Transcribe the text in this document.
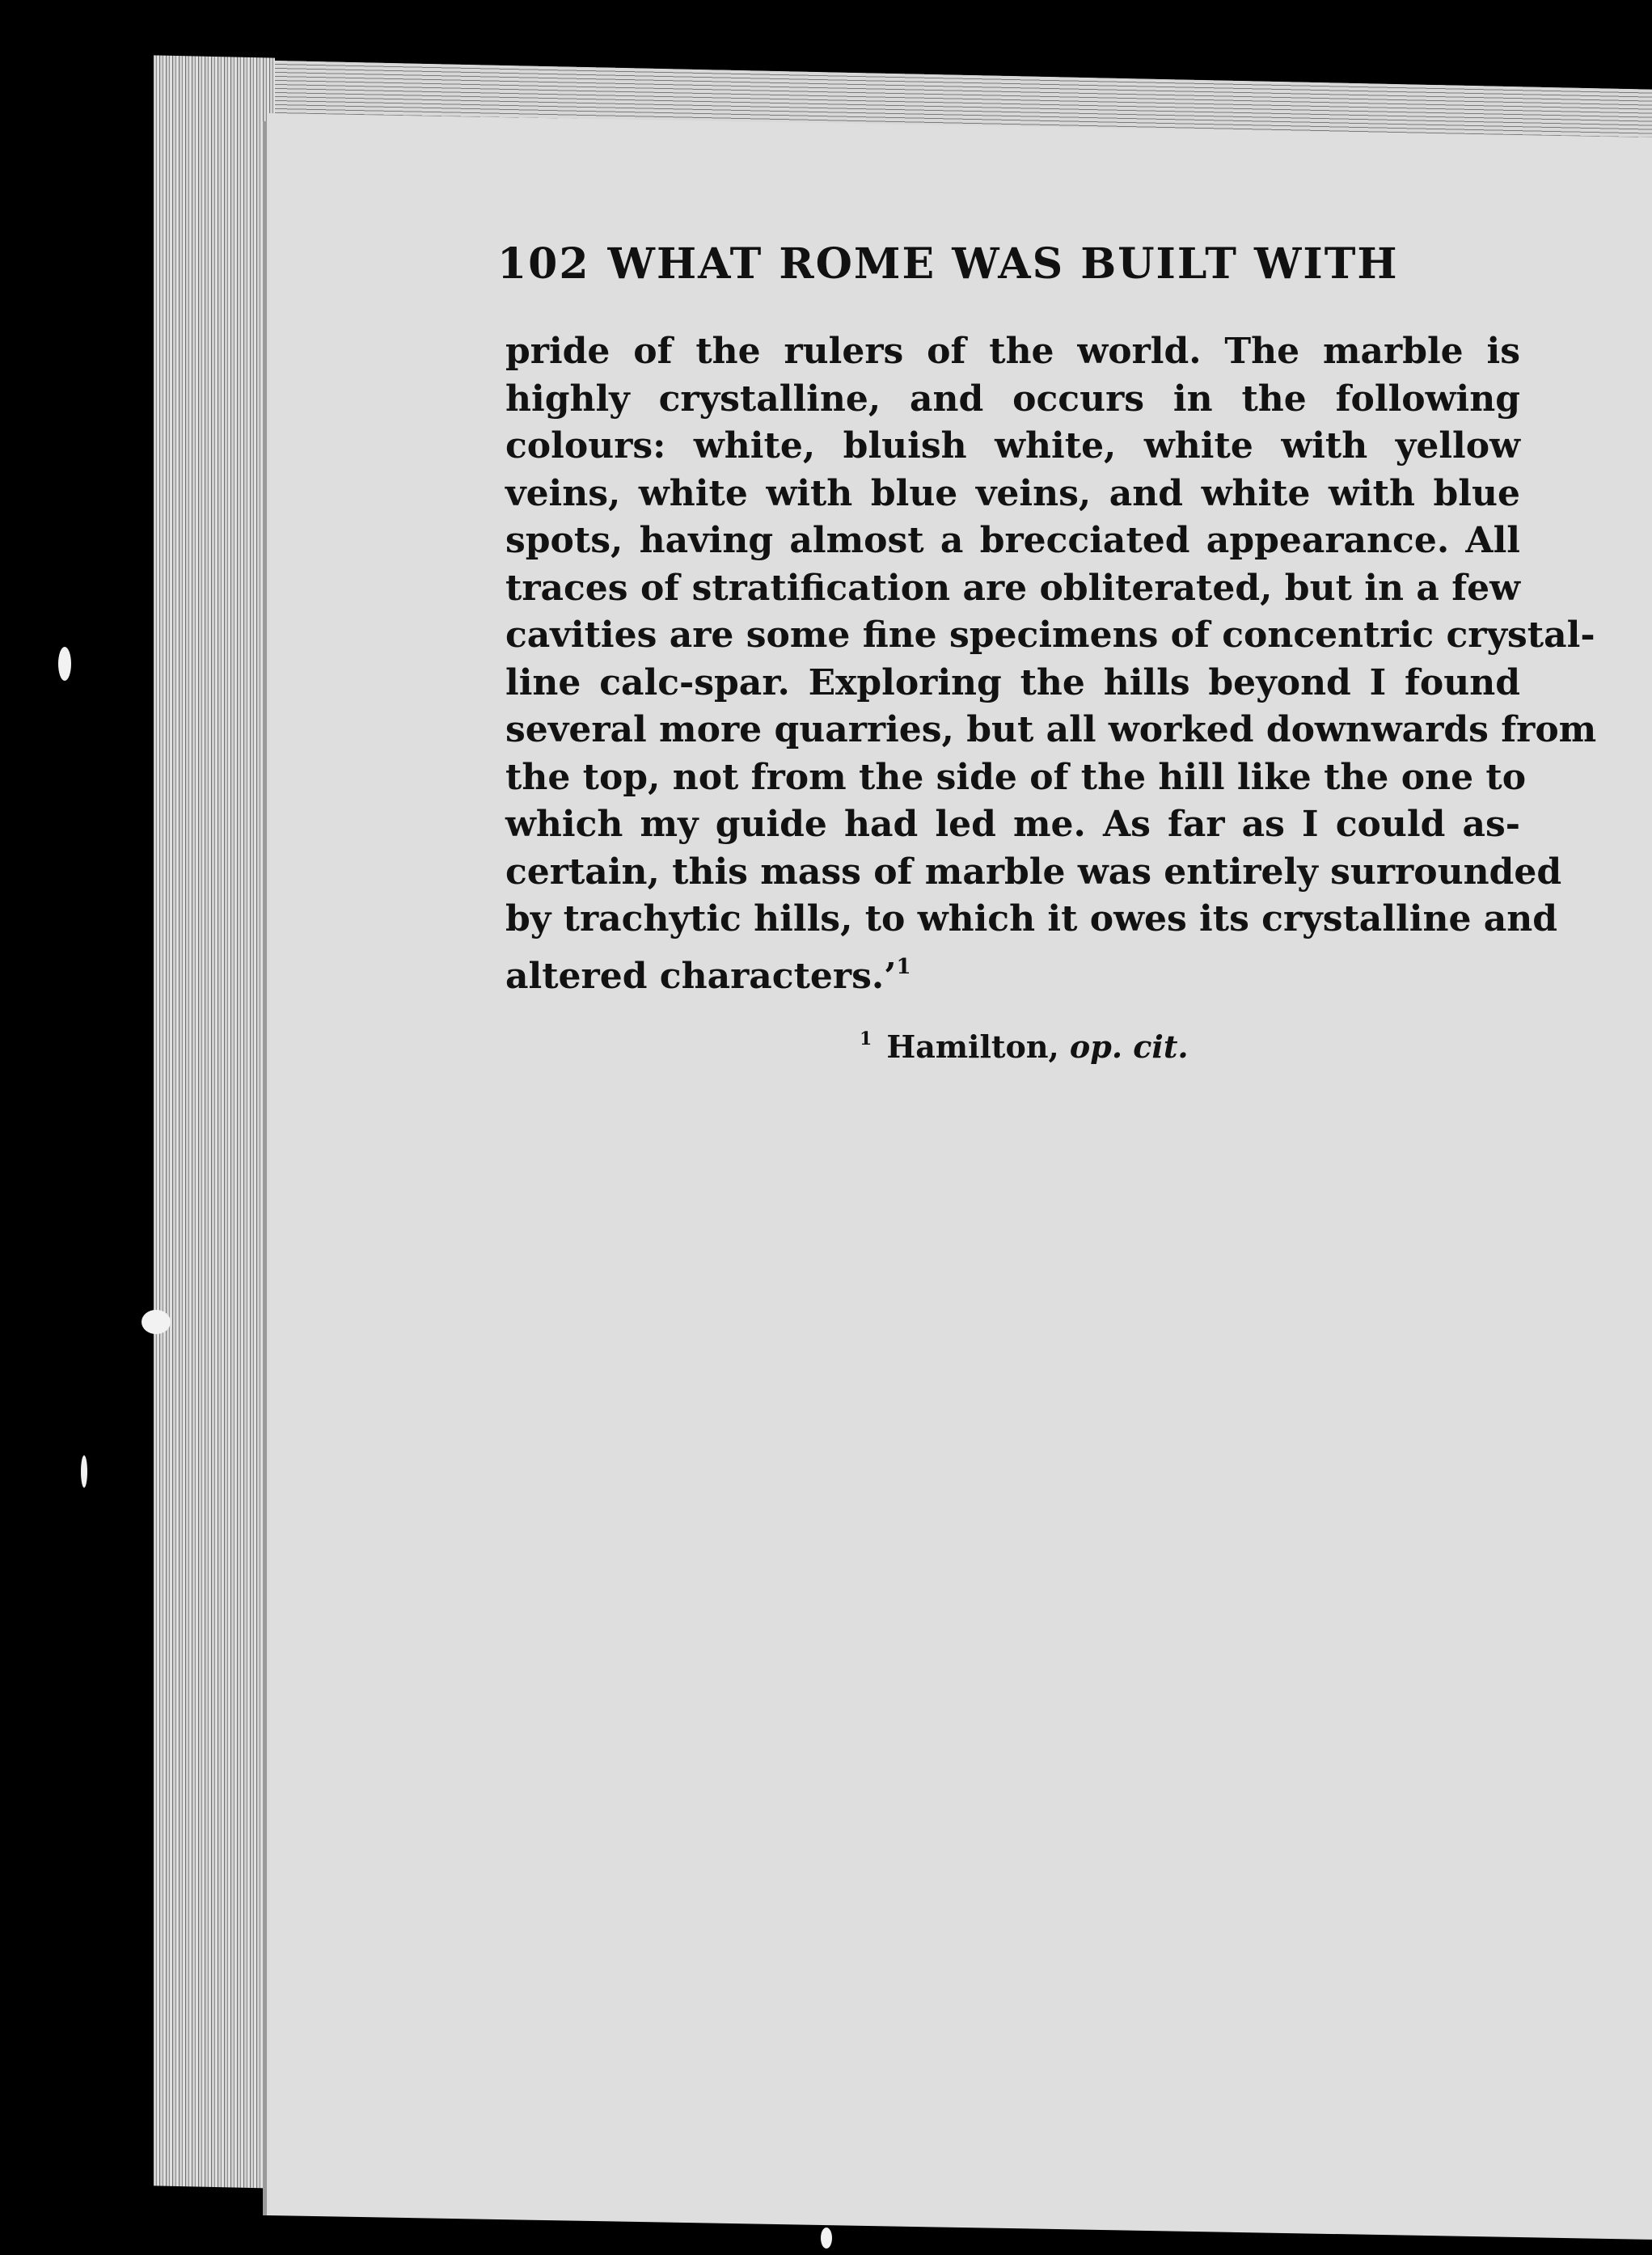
102 WHAT ROME WAS BUILT WITH
pride of the rulers of the world. The marble is
highly crystalline, and occurs in the following
colours: white, bluish white, white with yellow
veins, white with blue veins, and white with blue
spots, having almost a brecciated appearance. All
traces of stratification are obliterated, but in a few
cavities are some fine specimens of concentric crystal-
line calc-spar. Exploring the hills beyond I found
several more quarries, but all worked downwards from
the top, not from the side of the hill like the one to
which my guide had led me. As far as I could as-
certain, this mass of marble was entirely surrounded
by trachytic hills, to which it owes its crystalline and
altered characters.’$^1$
$^1$ Hamilton, op. cit.
